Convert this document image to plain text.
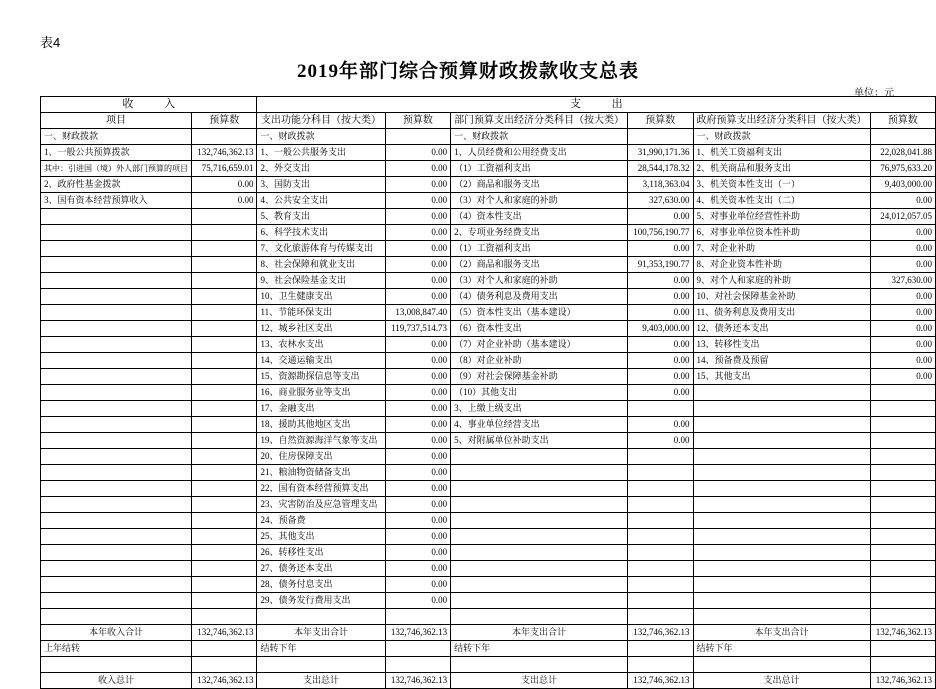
表4
2019年部门综合预算财政拨款收支总表
单位：元
收 入		支 出					
项目	预算数	支出功能分科目（按大类）	预算数	部门预算支出经济分类科目（按大类）	预算数	政府预算支出经济分类科目（按大类）	预算数
一、财政拨款		一、财政拨款		一、财政拨款		一、财政拨款	
1、一般公共预算拨款	132,746,362.13	1、一般公共服务支出	0.00	1、人员经费和公用经费支出	31,990,171.36	1、机关工资福利支出	22,028,041.88
其中：引进国（境）外人部门预算的项目	75,716,659.01	2、外交支出	0.00	（1）工资福利支出	28,544,178.32	2、机关商品和服务支出	76,975,633.20
2、政府性基金拨款	0.00	3、国防支出	0.00	（2）商品和服务支出	3,118,363.04	3、机关资本性支出（一）	9,403,000.00
3、国有资本经营预算收入	0.00	4、公共安全支出	0.00	（3）对个人和家庭的补助	327,630.00	4、机关资本性支出（二）	0.00
		5、教育支出	0.00	（4）资本性支出	0.00	5、对事业单位经营性补助	24,012,057.05
		6、科学技术支出	0.00	2、专项业务经费支出	100,756,190.77	6、对事业单位资本性补助	0.00
		7、文化旅游体育与传媒支出	0.00	（1）工资福利支出	0.00	7、对企业补助	0.00
		8、社会保障和就业支出	0.00	（2）商品和服务支出	91,353,190.77	8、对企业资本性补助	0.00
		9、社会保险基金支出	0.00	（3）对个人和家庭的补助	0.00	9、对个人和家庭的补助	327,630.00
		10、卫生健康支出	0.00	（4）债务利息及费用支出	0.00	10、对社会保障基金补助	0.00
		11、节能环保支出	13,008,847.40	（5）资本性支出（基本建设）	0.00	11、债务利息及费用支出	0.00
		12、城乡社区支出	119,737,514.73	（6）资本性支出	9,403,000.00	12、债务还本支出	0.00
		13、农林水支出	0.00	（7）对企业补助（基本建设）	0.00	13、转移性支出	0.00
		14、交通运输支出	0.00	（8）对企业补助	0.00	14、预备费及预留	0.00
		15、资源勘探信息等支出	0.00	（9）对社会保障基金补助	0.00	15、其他支出	0.00
		16、商业服务业等支出	0.00	（10）其他支出	0.00		
		17、金融支出	0.00	3、上缴上级支出			
		18、援助其他地区支出	0.00	4、事业单位经营支出	0.00		
		19、自然资源海洋气象等支出	0.00	5、对附属单位补助支出	0.00		
		20、住房保障支出	0.00				
		21、粮油物资储备支出	0.00				
		22、国有资本经营预算支出	0.00				
		23、灾害防治及应急管理支出	0.00				
		24、预备费	0.00				
		25、其他支出	0.00				
		26、转移性支出	0.00				
		27、债务还本支出	0.00				
		28、债务付息支出	0.00				
		29、债务发行费用支出	0.00				

本年收入合计	132,746,362.13	本年支出合计	132,746,362.13	本年支出合计	132,746,362.13	本年支出合计	132,746,362.13
上年结转		结转下年		结转下年		结转下年	

收入总计	132,746,362.13	支出总计	132,746,362.13	支出总计	132,746,362.13	支出总计	132,746,362.13
